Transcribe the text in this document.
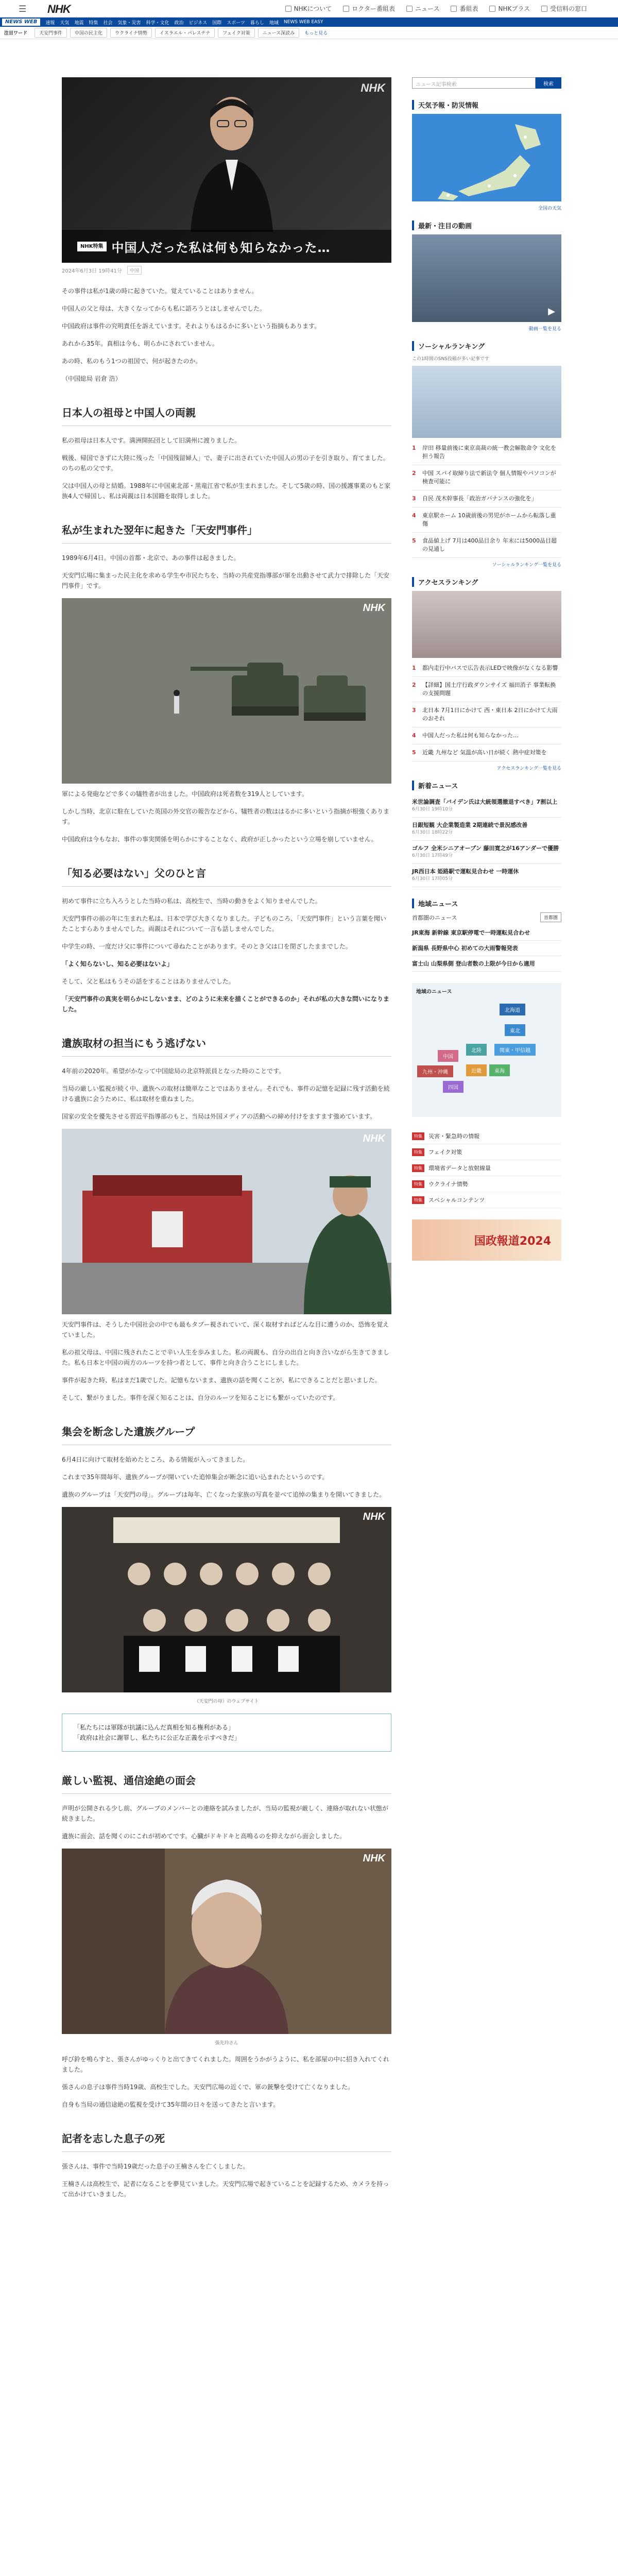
☰ NHK	NHKについて	ロクター番組表	ニュース	番組表	NHKプラス	受信料の窓口
NEWS WEB	速報 天気 地震 特集 社会 気象・災害 科学・文化 政治 ビジネス 国際 スポーツ 暮らし 地域 NEWS WEB EASY
注目ワード	天安門事件	中国の民主化	ウクライナ情勢	イスラエル・パレスチナ	フェイク対策	ニュース深読み	もっと見る
NHK
NHK特集 中国人だった私は何も知らなかった…
2024年6月3日 19時41分	中国

その事件は私が1歳の時に起きていた。覚えていることはありません。

中国人の父と母は、大きくなってからも私に語ろうとはしませんでした。

中国政府は事件の究明責任を訴えています。それよりもはるかに多いという指摘もあります。

あれから35年。真相は今も、明らかにされていません。

あの時、私のもう1つの祖国で、何が起きたのか。

（中国総局 岩倉 浩）

日本人の祖母と中国人の両親

私の祖母は日本人です。満洲開拓団として旧満州に渡りました。

戦後、帰国できずに大陸に残った「中国残留婦人」で、妻子に出されていた中国人の男の子を引き取り、育てました。のちの私の父です。

父は中国人の母と結婚。1988年に中国東北部・黒竜江省で私が生まれました。そして5歳の時、国の援護事業のもと家族4人で帰国し、私は両親は日本国籍を取得しました。

私が生まれた翌年に起きた「天安門事件」

1989年6月4日。中国の首都・北京で、あの事件は起きました。

天安門広場に集まった民主化を求める学生や市民たちを、当時の共産党指導部が軍を出動させて武力で排除した「天安門事件」です。

NHK

軍による発砲などで多くの犠牲者が出ました。中国政府は死者数を319人としています。

しかし当時、北京に駐在していた英国の外交官の報告などから、犠牲者の数ははるかに多いという指摘が根強くあります。

中国政府は今もなお、事件の事実関係を明らかにすることなく、政府が正しかったという立場を崩していません。

「知る必要はない」父のひと言

初めて事件に立ち入ろうとした当時の私は、高校生で、当時の動きをよく知りませんでした。

天安門事件の前の年に生まれた私は、日本で学び大きくなりました。子どものころ、「天安門事件」という言葉を聞いたことすらありませんでした。両親はそれについて一言も話しませんでした。

中学生の時、一度だけ父に事件について尋ねたことがあります。そのとき父は口を閉ざしたままでした。

「よく知らないし、知る必要はないよ」

そして、父と私はもうその話をすることはありませんでした。

「天安門事件の真実を明らかにしないまま、どのように未来を描くことができるのか」それが私の大きな問いになりました。

遺族取材の担当にもう逃げない

4年前の2020年。希望がかなって中国総局の北京特派員となった時のことです。

当局の厳しい監視が続く中、遺族への取材は簡単なことではありません。それでも、事件の記憶を記録に残す活動を続ける遺族に会うために、私は取材を重ねました。

国家の安全を優先させる習近平指導部のもと、当局は外国メディアの活動への締め付けをますます強めています。

NHK

天安門事件は、そうした中国社会の中でも最もタブー視されていて、深く取材すればどんな目に遭うのか、恐怖を覚えていました。

私の祖父母は、中国に残されたことで辛い人生を歩みました。私の両親も、自分の出自と向き合いながら生きてきました。私も日本と中国の両方のルーツを持つ者として、事件と向き合うことにしました。

事件が起きた時、私はまだ1歳でした。記憶もないまま、遺族の話を聞くことが、私にできることだと思いました。

そして、繋がりました。事件を深く知ることは、自分のルーツを知ることにも繋がっていたのです。

集会を断念した遺族グループ

6月4日に向けて取材を始めたところ、ある情報が入ってきました。

これまで35年間毎年、遺族グループが開いていた追悼集会が断念に追い込まれたというのです。

遺族のグループは「天安門の母」。グループは毎年、亡くなった家族の写真を並べて追悼の集まりを開いてきました。

NHK

（天安門の母）のウェブサイト

「私たちには軍隊が抗議に込んだ真相を知る権利がある」
「政府は社会に謝罪し、私たちに公正な正義を示すべきだ」
厳しい監視、通信途絶の面会

声明が公開される少し前、グループのメンバーとの連絡を試みましたが、当局の監視が厳しく、連絡が取れない状態が続きました。

遺族に面会、話を聞くのにこれが初めてです。心臓がドキドキと高鳴るのを抑えながら面会しました。

NHK

張先玲さん

呼び鈴を鳴らすと、張さんがゆっくりと出てきてくれました。周囲をうかがうように、私を部屋の中に招き入れてくれました。

張さんの息子は事件当時19歳、高校生でした。天安門広場の近くで、軍の銃撃を受けて亡くなりました。

自身も当局の通信途絶の監視を受けて35年間の日々を送ってきたと言います。

記者を志した息子の死

張さんは、事件で当時19歳だった息子の王楠さんを亡くしました。

王楠さんは高校生で、記者になることを夢見ていました。天安門広場で起きていることを記録するため、カメラを持って出かけていきました。

ニュース記事検索	検索
天気予報・防災情報
全国の天気
最新・注目の動画
▶
動画一覧を見る
ソーシャルランキング
この1時間のSNS投稿が多い記事です
1	岸田 移量前後に東京高裁の統一教会解散命令 文化を担う報告
2	中国 スパイ取締り法で新法令 個人情報やパソコンが検査可能に
3	自民 茂木幹事長「政治ガバナンスの強化を」
4	東京駅ホーム 10歳前後の男児がホームから転落し重傷
5	食品値上げ 7月は400品目余り 年末には5000品目超の見通し
ソーシャルランキング一覧を見る
アクセスランキング
1	都内走行中バスで広告表示LEDで映像がなくなる影響
2	【詳細】国土庁行政ダウンサイズ 福田消子 事業転換の支援問題
3	北日本 7月1日にかけて 西・東日本 2日にかけて大雨のおそれ
4	中国人だった私は何も知らなかった…
5	近畿 九州など 気温が高い日が続く 熱中症対策を
アクセスランキング一覧を見る
新着ニュース
米世論調査「バイデン氏は大統領選撤退すべき」7割以上
6月30日 19時10分
日銀短観 大企業製造業 2期連続で景況感改善
6月30日 18時22分
ゴルフ 全米シニアオープン 藤田寛之が16アンダーで優勝
6月30日 17時49分
JR西日本 姫路駅で運転見合わせ 一時運休
6月30日 17時05分
地域ニュース
首都圏のニュース	首都圏
JR東海 新幹線 東京駅停電で一時運転見合わせ
新潟県 長野県中心 初めての大雨警報発表
富士山 山梨県側 登山者数の上限が今日から適用
地域のニュース
北海道
東北
関東・甲信越
東海
近畿
中国
四国
九州・沖縄
北陸
特集	災害・緊急時の情報
特集	フェイク対策
特集	環境省データと放射線量
特集	ウクライナ情勢
特集	スペシャルコンテンツ
国政報道2024
